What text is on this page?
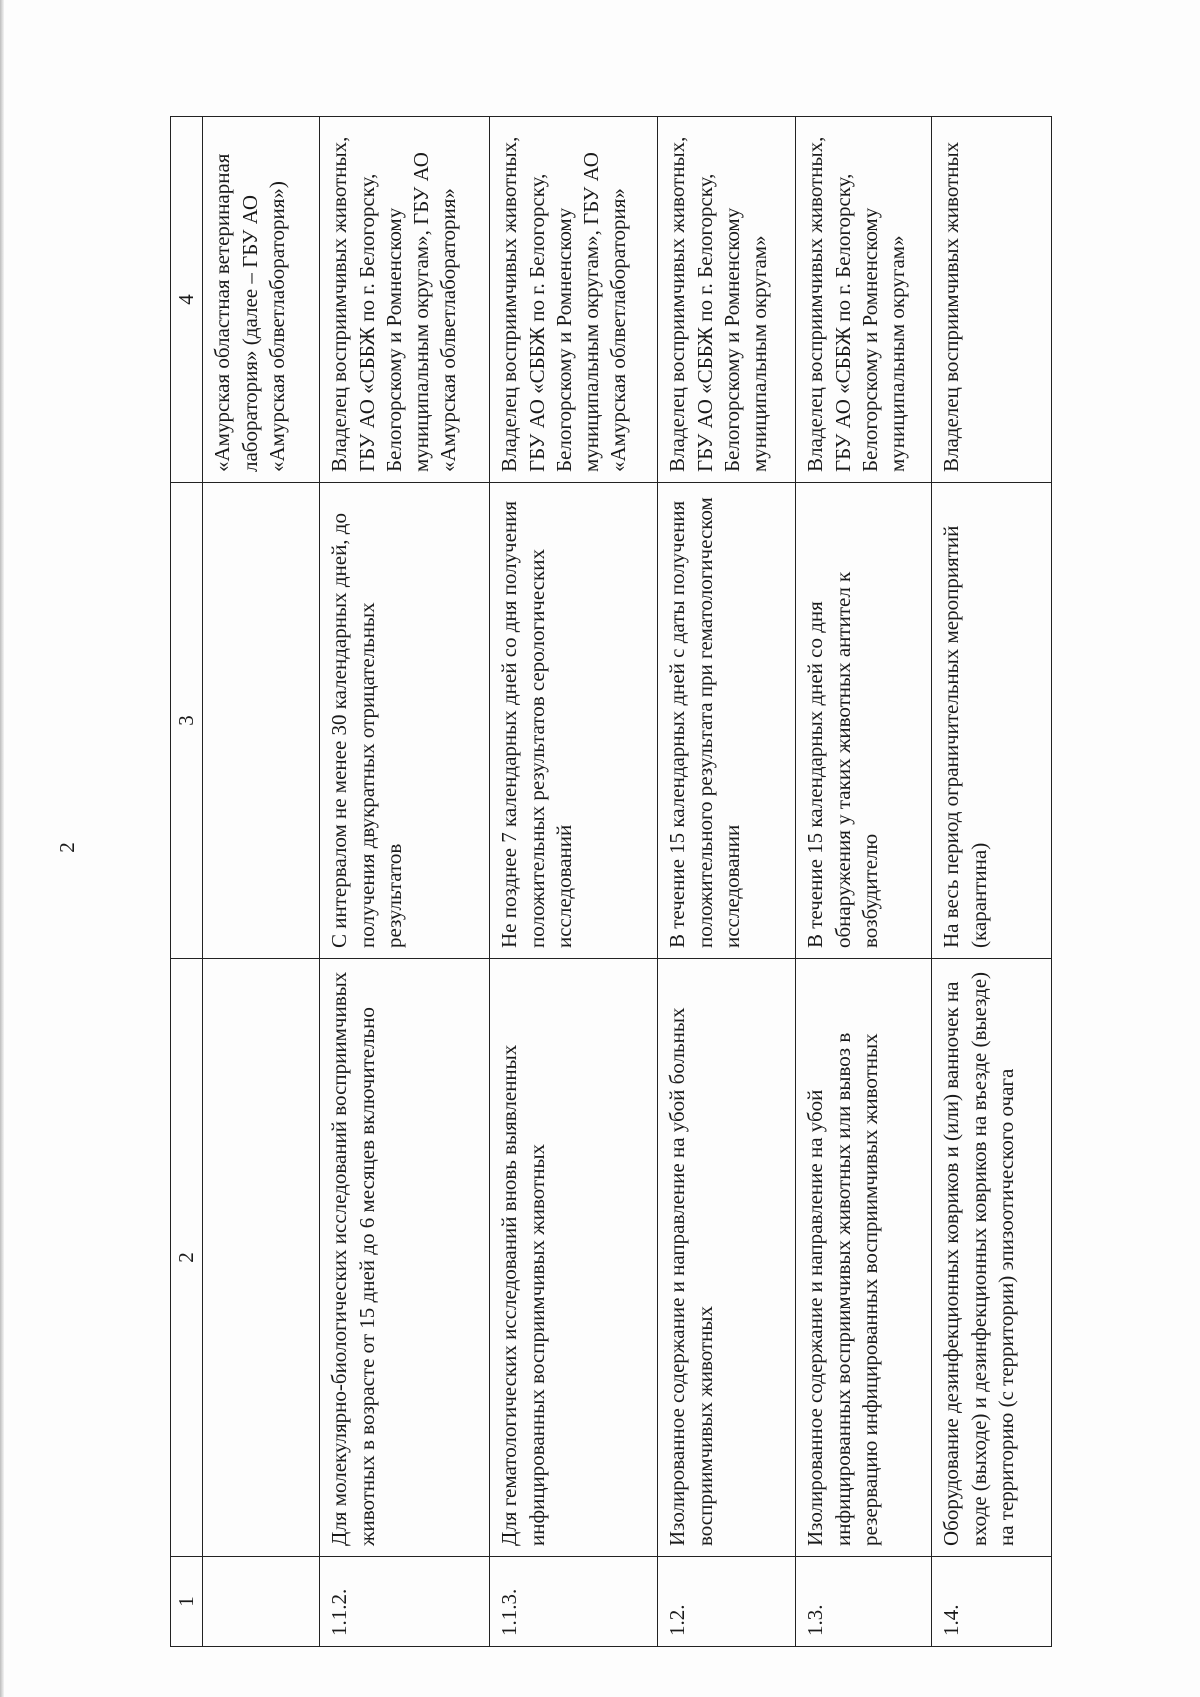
2
1	2	3	4
			«Амурская областная ветеринарная лаборатория» (далее – ГБУ АО «Амурская облветлаборатория»)
1.1.2.	Для молекулярно-биологических исследований восприимчивых животных в возрасте от 15 дней до 6 месяцев включительно	С интервалом не менее 30 календарных дней, до получения двукратных отрицательных результатов	Владелец восприимчивых животных, ГБУ АО «СББЖ по г. Белогорску, Белогорскому и Ромненскому муниципальным округам», ГБУ АО «Амурская облветлаборатория»
1.1.3.	Для гематологических исследований вновь выявленных инфицированных восприимчивых животных	Не позднее 7 календарных дней со дня получения положительных результатов серологических исследований	Владелец восприимчивых животных, ГБУ АО «СББЖ по г. Белогорску, Белогорскому и Ромненскому муниципальным округам», ГБУ АО «Амурская облветлаборатория»
1.2.	Изолированное содержание и направление на убой больных восприимчивых животных	В течение 15 календарных дней с даты получения положительного результата при гематологическом исследовании	Владелец восприимчивых животных, ГБУ АО «СББЖ по г. Белогорску, Белогорскому и Ромненскому муниципальным округам»
1.3.	Изолированное содержание и направление на убой инфицированных восприимчивых животных или вывоз в резервацию инфицированных восприимчивых животных	В течение 15 календарных дней со дня обнаружения у таких животных антител к возбудителю	Владелец восприимчивых животных, ГБУ АО «СББЖ по г. Белогорску, Белогорскому и Ромненскому муниципальным округам»
1.4.	Оборудование дезинфекционных ковриков и (или) ванночек на входе (выходе) и дезинфекционных ковриков на въезде (выезде) на территорию (с территории) эпизоотического очага	На весь период ограничительных мероприятий (карантина)	Владелец восприимчивых животных
